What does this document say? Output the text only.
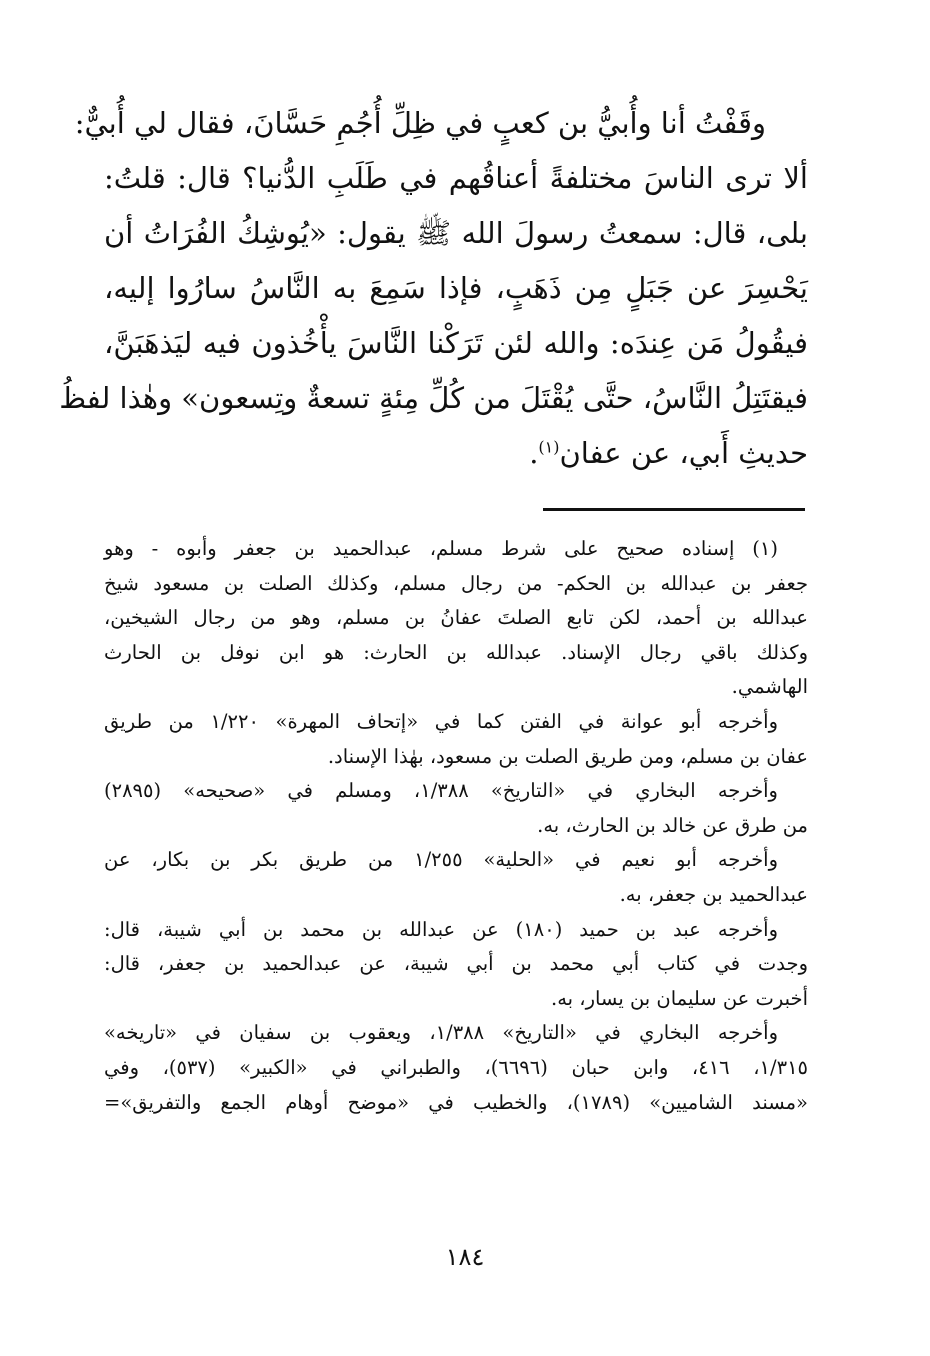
وقَفْتُ أنا وأُبيُّ بن كعبٍ في ظِلِّ أُجُمِ حَسَّانَ، فقال لي أُبيٌّ:
ألا ترى الناسَ مختلفةً أعناقُهم في طَلَبِ الدُّنيا؟ قال: قلتُ:
بلى، قال: سمعتُ رسولَ الله ﷺ يقول: «يُوشِكُ الفُرَاتُ أن
يَحْسِرَ عن جَبَلٍ مِن ذَهَبٍ، فإذا سَمِعَ به النَّاسُ سارُوا إليه،
فيقُولُ مَن عِندَه: والله لئن تَرَكْنا النَّاسَ يأْخُذون فيه ليَذهَبَنَّ،
فيقتَتِلُ النَّاسُ، حتَّى يُقْتَلَ من كُلِّ مِئةٍ تسعةٌ وتِسعون» وهٰذا لفظُ
حديثِ أَبي، عن عفان$^{(١)}$.

(١) إسناده صحيح على شرط مسلم، عبدالحميد بن جعفر وأبوه - وهو
جعفر بن عبدالله بن الحكم- من رجال مسلم، وكذلك الصلت بن مسعود شيخ
عبدالله بن أحمد، لكن تابع الصلتَ عفانُ بن مسلم، وهو من رجال الشيخين،
وكذلك باقي رجال الإسناد. عبدالله بن الحارث: هو ابن نوفل بن الحارث
الهاشمي.

وأخرجه أبو عوانة في الفتن كما في «إتحاف المهرة» ١/٢٢٠ من طريق
عفان بن مسلم، ومن طريق الصلت بن مسعود، بهٰذا الإسناد.

وأخرجه البخاري في «التاريخ» ١/٣٨٨، ومسلم في «صحيحه» (٢٨٩٥)
من طرق عن خالد بن الحارث، به.

وأخرجه أبو نعيم في «الحلية» ١/٢٥٥ من طريق بكر بن بكار، عن
عبدالحميد بن جعفر، به.

وأخرجه عبد بن حميد (١٨٠) عن عبدالله بن محمد بن أبي شيبة، قال:
وجدت في كتاب أبي محمد بن أبي شيبة، عن عبدالحميد بن جعفر، قال:
أخبرت عن سليمان بن يسار، به.

وأخرجه البخاري في «التاريخ» ١/٣٨٨، ويعقوب بن سفيان في «تاريخه»
١/٣١٥، ٤١٦، وابن حبان (٦٦٩٦)، والطبراني في «الكبير» (٥٣٧)، وفي
«مسند الشاميين» (١٧٨٩)، والخطيب في «موضح أوهام الجمع والتفريق»=

١٨٤
